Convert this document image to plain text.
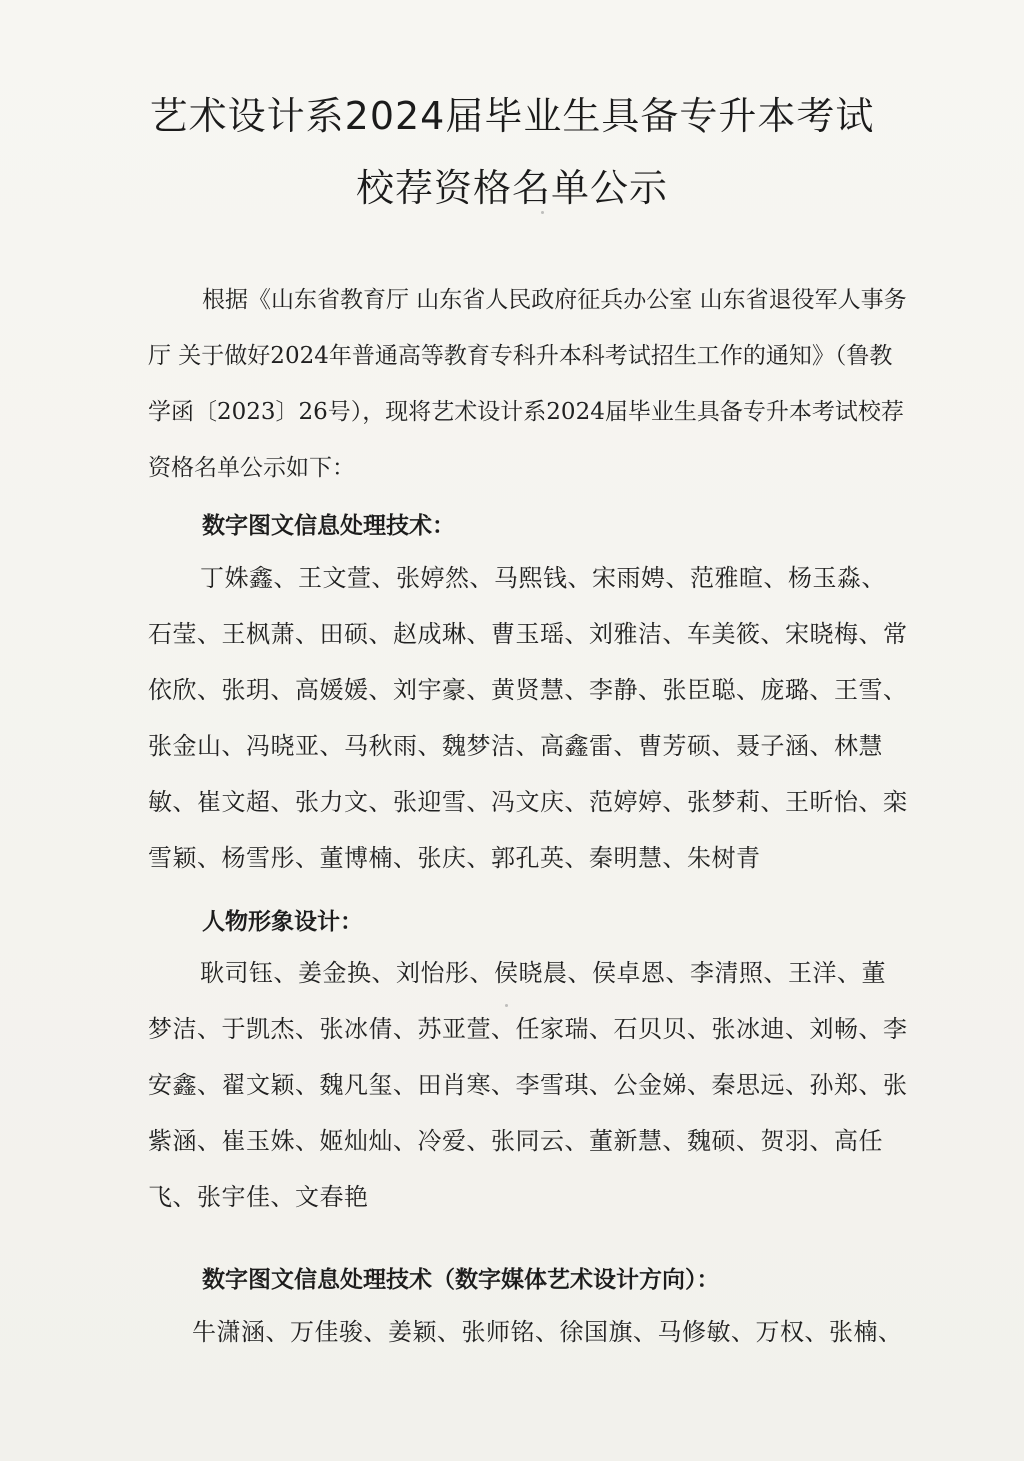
艺术设计系2024届毕业生具备专升本考试
校荐资格名单公示
根据《山东省教育厅 山东省人民政府征兵办公室 山东省退役军人事务厅 关于做好2024年普通高等教育专科升本科考试招生工作的通知》（鲁教学函〔2023〕26号），现将艺术设计系2024届毕业生具备专升本考试校荐资格名单公示如下：
数字图文信息处理技术：
丁姝鑫、王文萱、张婷然、马熙钱、宋雨娉、范雅暄、杨玉淼、石莹、王枫萧、田硕、赵成琳、曹玉瑶、刘雅洁、车美筱、宋晓梅、常依欣、张玥、高媛媛、刘宇豪、黄贤慧、李静、张臣聪、庞璐、王雪、张金山、冯晓亚、马秋雨、魏梦洁、高鑫雷、曹芳硕、聂子涵、林慧敏、崔文超、张力文、张迎雪、冯文庆、范婷婷、张梦莉、王昕怡、栾雪颖、杨雪彤、董博楠、张庆、郭孔英、秦明慧、朱树青
人物形象设计：
耿司钰、姜金换、刘怡彤、侯晓晨、侯卓恩、李清照、王洋、董梦洁、于凯杰、张冰倩、苏亚萱、任家瑞、石贝贝、张冰迪、刘畅、李安鑫、翟文颖、魏凡玺、田肖寒、李雪琪、公金娣、秦思远、孙郑、张紫涵、崔玉姝、姬灿灿、冷爱、张同云、董新慧、魏硕、贺羽、高任飞、张宇佳、文春艳
数字图文信息处理技术（数字媒体艺术设计方向）：
牛潇涵、万佳骏、姜颖、张师铭、徐国旗、马修敏、万权、张楠、
